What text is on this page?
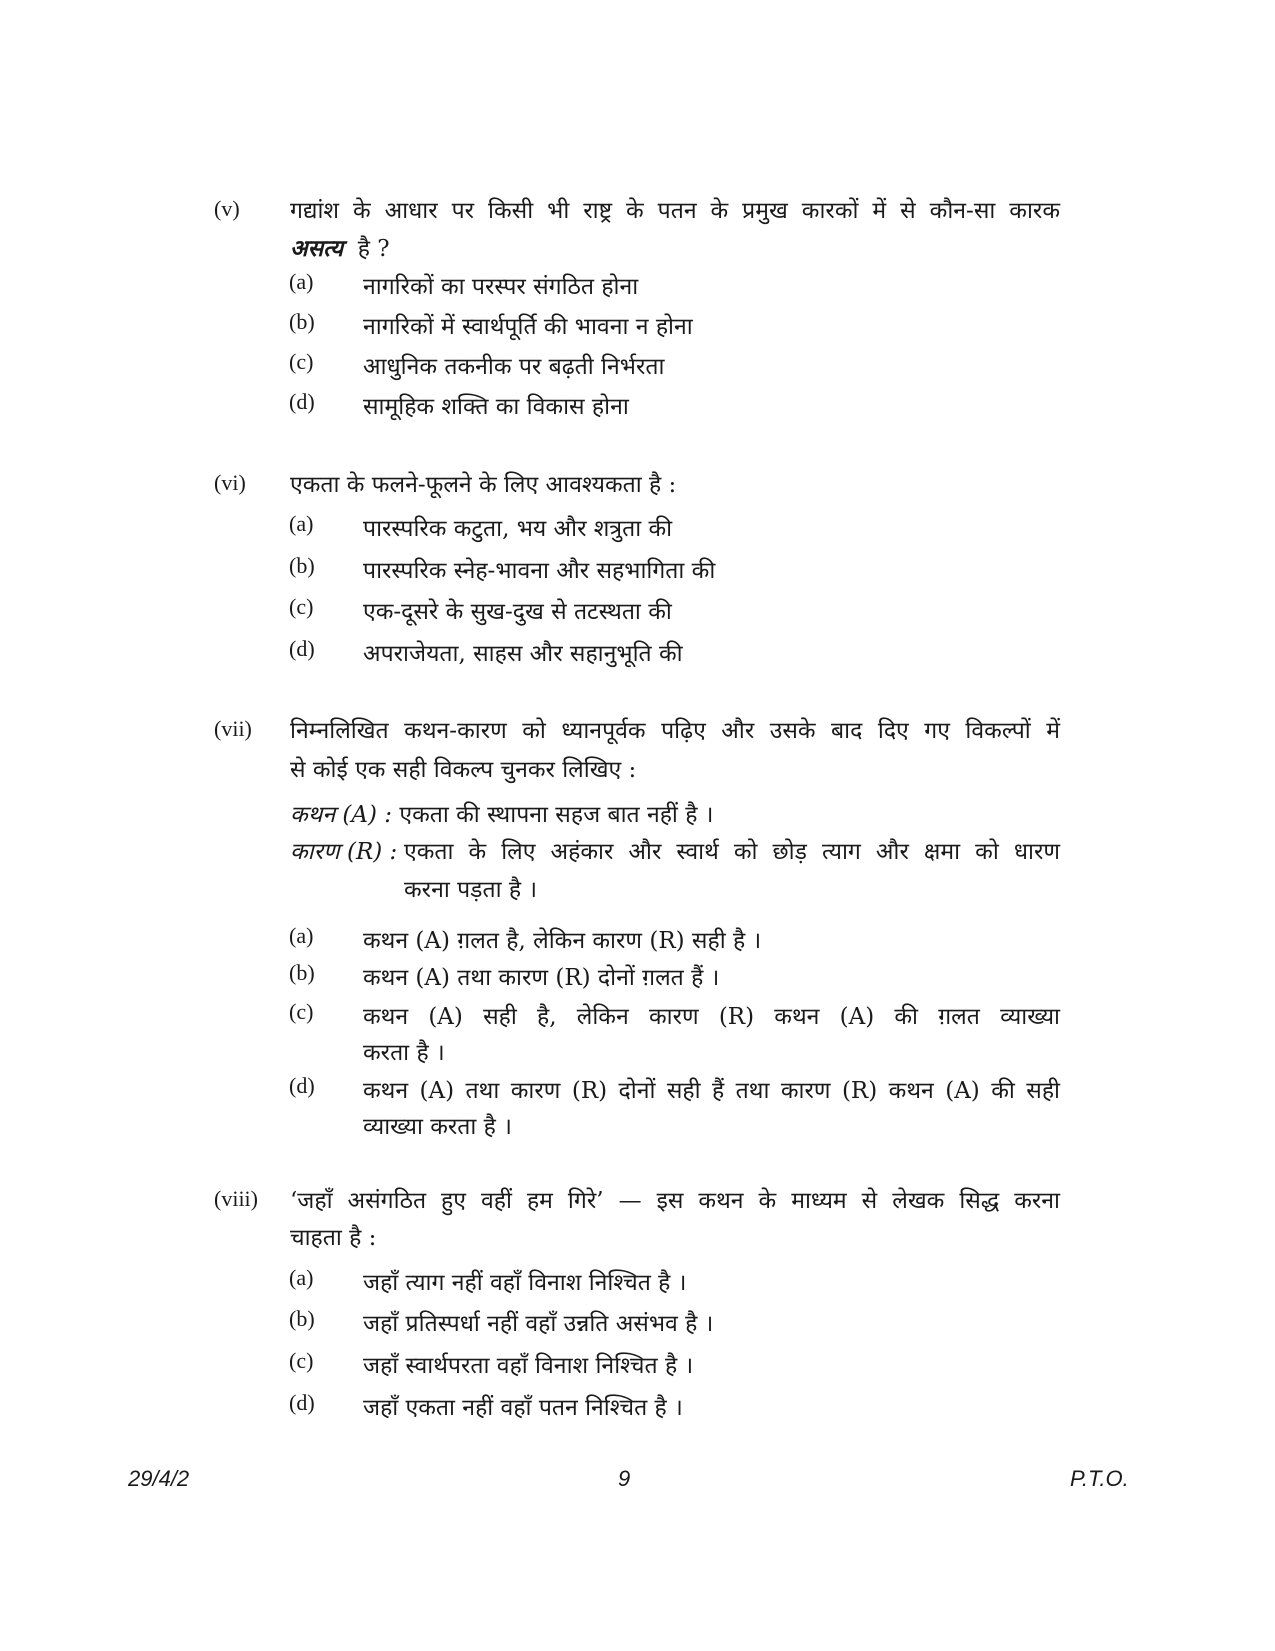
(v) गद्यांश के आधार पर किसी भी राष्ट्र के पतन के प्रमुख कारकों में से कौन-सा कारक
असत्य है ?
(a) नागरिकों का परस्पर संगठित होना
(b) नागरिकों में स्वार्थपूर्ति की भावना न होना
(c) आधुनिक तकनीक पर बढ़ती निर्भरता
(d) सामूहिक शक्ति का विकास होना
(vi) एकता के फलने-फूलने के लिए आवश्यकता है :
(a) पारस्परिक कटुता, भय और शत्रुता की
(b) पारस्परिक स्नेह-भावना और सहभागिता की
(c) एक-दूसरे के सुख-दुख से तटस्थता की
(d) अपराजेयता, साहस और सहानुभूति की
(vii) निम्नलिखित कथन-कारण को ध्यानपूर्वक पढ़िए और उसके बाद दिए गए विकल्पों में
से कोई एक सही विकल्प चुनकर लिखिए :
कथन (A) : एकता की स्थापना सहज बात नहीं है ।
कारण (R) : एकता के लिए अहंकार और स्वार्थ को छोड़ त्याग और क्षमा को धारण
करना पड़ता है ।
(a) कथन (A) ग़लत है, लेकिन कारण (R) सही है ।
(b) कथन (A) तथा कारण (R) दोनों ग़लत हैं ।
(c) कथन (A) सही है, लेकिन कारण (R) कथन (A) की ग़लत व्याख्या
करता है ।
(d) कथन (A) तथा कारण (R) दोनों सही हैं तथा कारण (R) कथन (A) की सही
व्याख्या करता है ।
(viii) ‘जहाँ असंगठित हुए वहीं हम गिरे’ — इस कथन के माध्यम से लेखक सिद्ध करना
चाहता है :
(a) जहाँ त्याग नहीं वहाँ विनाश निश्चित है ।
(b) जहाँ प्रतिस्पर्धा नहीं वहाँ उन्नति असंभव है ।
(c) जहाँ स्वार्थपरता वहाँ विनाश निश्चित है ।
(d) जहाँ एकता नहीं वहाँ पतन निश्चित है ।
29/4/2	9	P.T.O.
